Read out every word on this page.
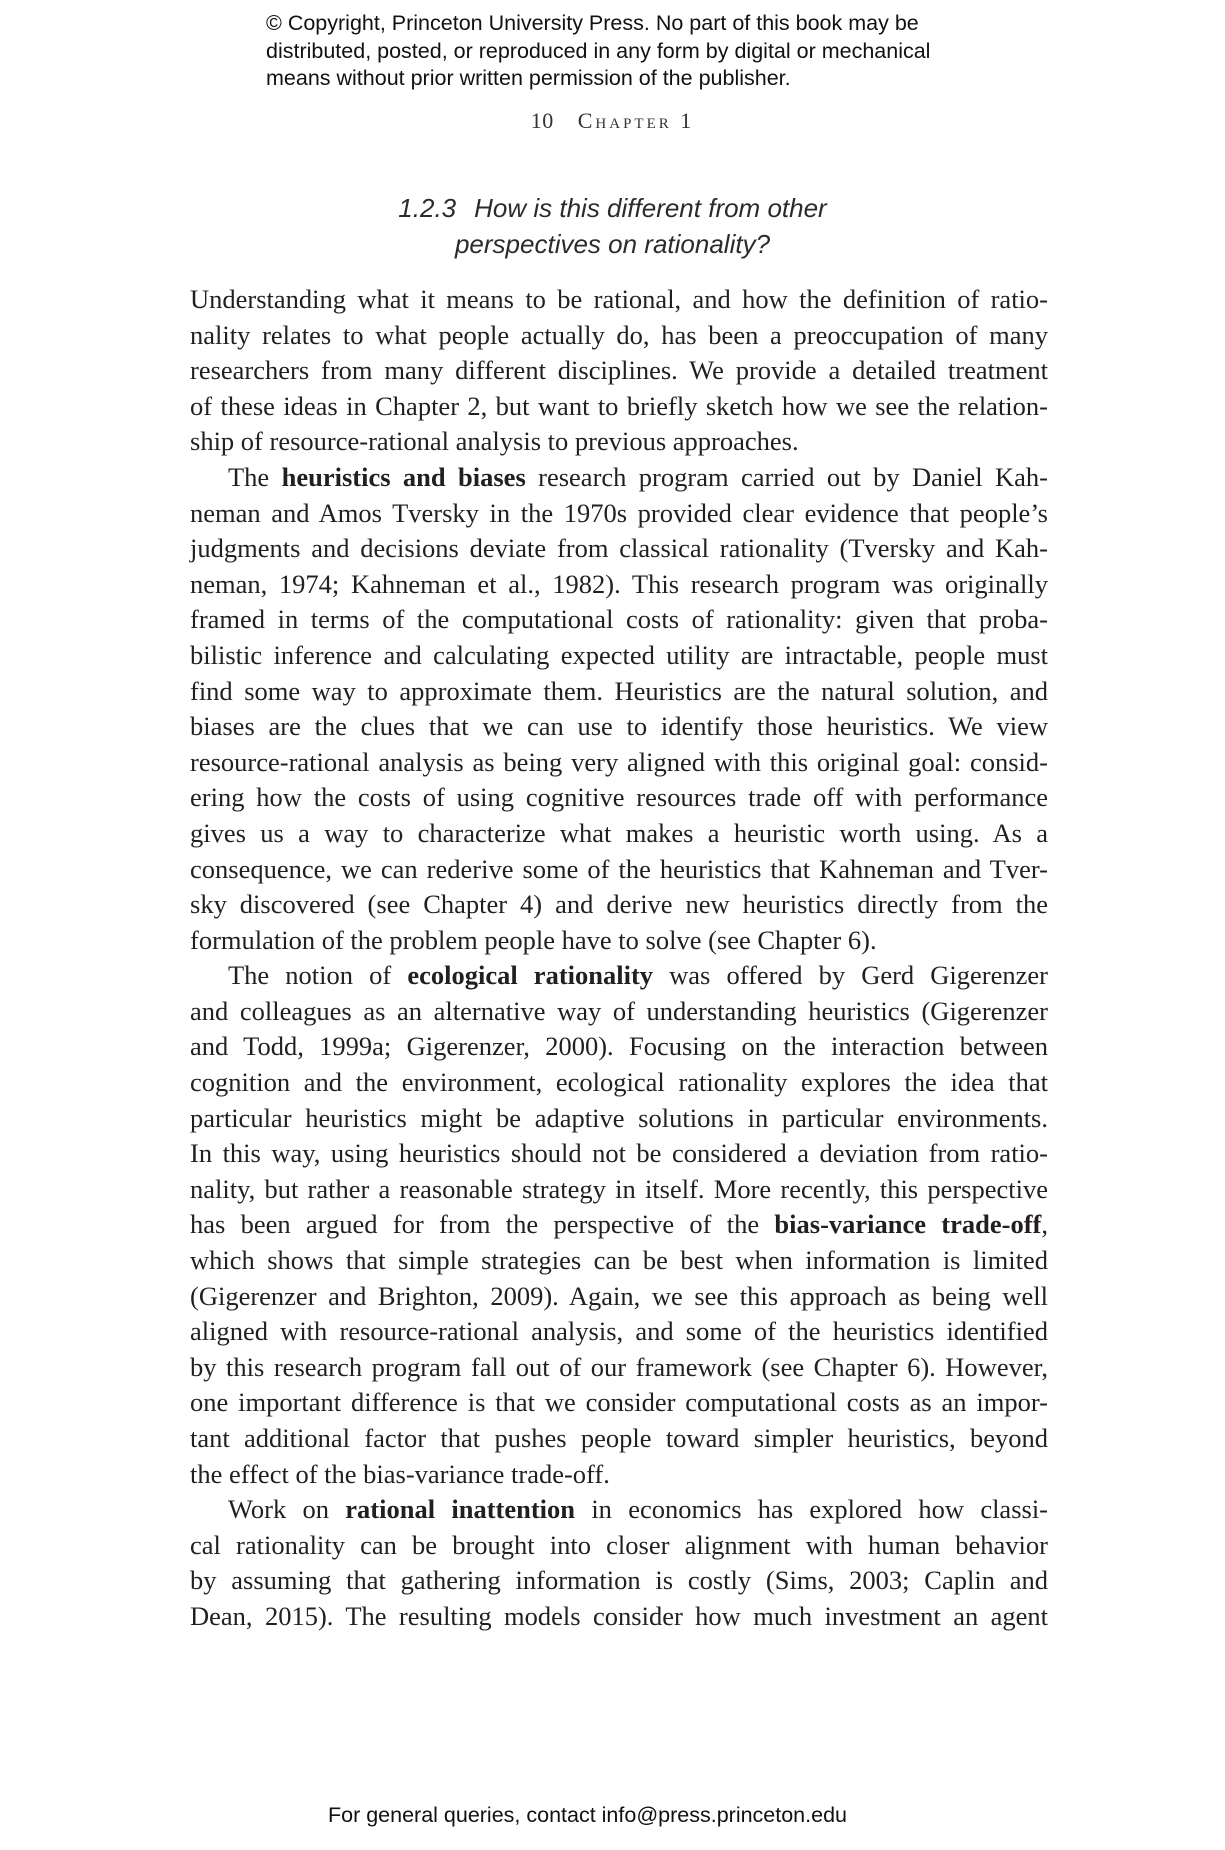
© Copyright, Princeton University Press. No part of this book may be
distributed, posted, or reproduced in any form by digital or mechanical
means without prior written permission of the publisher.
10 Chapter 1
1.2.3 How is this different from other
perspectives on rationality?
Understanding what it means to be rational, and how the definition of ratio-
nality relates to what people actually do, has been a preoccupation of many
researchers from many different disciplines. We provide a detailed treatment
of these ideas in Chapter 2, but want to briefly sketch how we see the relation-
ship of resource-rational analysis to previous approaches.
The heuristics and biases research program carried out by Daniel Kah-
neman and Amos Tversky in the 1970s provided clear evidence that people’s
judgments and decisions deviate from classical rationality (Tversky and Kah-
neman, 1974; Kahneman et al., 1982). This research program was originally
framed in terms of the computational costs of rationality: given that proba-
bilistic inference and calculating expected utility are intractable, people must
find some way to approximate them. Heuristics are the natural solution, and
biases are the clues that we can use to identify those heuristics. We view
resource-rational analysis as being very aligned with this original goal: consid-
ering how the costs of using cognitive resources trade off with performance
gives us a way to characterize what makes a heuristic worth using. As a
consequence, we can rederive some of the heuristics that Kahneman and Tver-
sky discovered (see Chapter 4) and derive new heuristics directly from the
formulation of the problem people have to solve (see Chapter 6).
The notion of ecological rationality was offered by Gerd Gigerenzer
and colleagues as an alternative way of understanding heuristics (Gigerenzer
and Todd, 1999a; Gigerenzer, 2000). Focusing on the interaction between
cognition and the environment, ecological rationality explores the idea that
particular heuristics might be adaptive solutions in particular environments.
In this way, using heuristics should not be considered a deviation from ratio-
nality, but rather a reasonable strategy in itself. More recently, this perspective
has been argued for from the perspective of the bias-variance trade-off,
which shows that simple strategies can be best when information is limited
(Gigerenzer and Brighton, 2009). Again, we see this approach as being well
aligned with resource-rational analysis, and some of the heuristics identified
by this research program fall out of our framework (see Chapter 6). However,
one important difference is that we consider computational costs as an impor-
tant additional factor that pushes people toward simpler heuristics, beyond
the effect of the bias-variance trade-off.
Work on rational inattention in economics has explored how classi-
cal rationality can be brought into closer alignment with human behavior
by assuming that gathering information is costly (Sims, 2003; Caplin and
Dean, 2015). The resulting models consider how much investment an agent
For general queries, contact info@press.princeton.edu
